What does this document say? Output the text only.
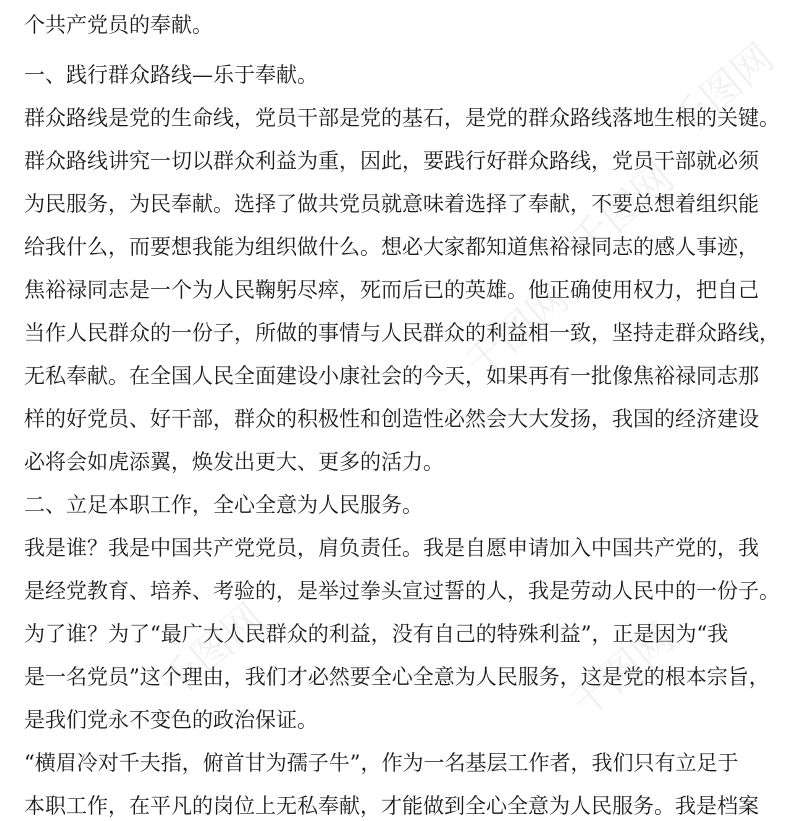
个共产党员的奉献。
一、践行群众路线—乐于奉献。
群众路线是党的生命线，党员干部是党的基石，是党的群众路线落地生根的关键。
群众路线讲究一切以群众利益为重，因此，要践行好群众路线，党员干部就必须
为民服务，为民奉献。选择了做共党员就意味着选择了奉献，不要总想着组织能
给我什么，而要想我能为组织做什么。想必大家都知道焦裕禄同志的感人事迹，
焦裕禄同志是一个为人民鞠躬尽瘁，死而后已的英雄。他正确使用权力，把自己
当作人民群众的一份子，所做的事情与人民群众的利益相一致，坚持走群众路线，
无私奉献。在全国人民全面建设小康社会的今天，如果再有一批像焦裕禄同志那
样的好党员、好干部，群众的积极性和创造性必然会大大发扬，我国的经济建设
必将会如虎添翼，焕发出更大、更多的活力。
二、立足本职工作，全心全意为人民服务。
我是谁？我是中国共产党党员，肩负责任。我是自愿申请加入中国共产党的，我
是经党教育、培养、考验的，是举过拳头宣过誓的人，我是劳动人民中的一份子。
为了谁？为了“最广大人民群众的利益，没有自己的特殊利益”，正是因为“我
是一名党员”这个理由，我们才必然要全心全意为人民服务，这是党的根本宗旨，
是我们党永不变色的政治保证。
“横眉冷对千夫指，俯首甘为孺子牛”，作为一名基层工作者，我们只有立足于
本职工作，在平凡的岗位上无私奉献，才能做到全心全意为人民服务。我是档案
千图网
千图网
千图网
千图网	千图网
